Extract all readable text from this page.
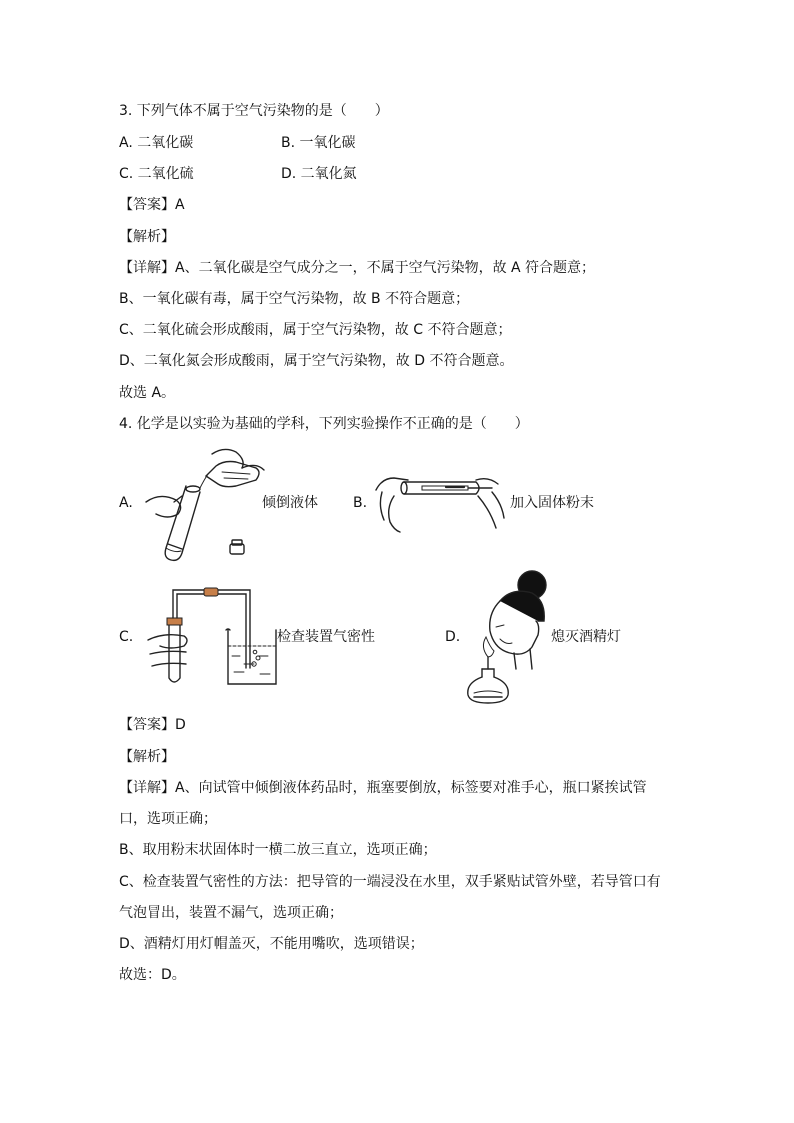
3. 下列气体不属于空气污染物的是（　　）
A. 二氧化碳	B. 一氧化碳
C. 二氧化硫	D. 二氧化氮
【答案】A
【解析】
【详解】A、二氧化碳是空气成分之一，不属于空气污染物，故 A 符合题意；
B、一氧化碳有毒，属于空气污染物，故 B 不符合题意；
C、二氧化硫会形成酸雨，属于空气污染物，故 C 不符合题意；
D、二氧化氮会形成酸雨，属于空气污染物，故 D 不符合题意。
故选 A。
4. 化学是以实验为基础的学科，下列实验操作不正确的是（　　）
A.	倾倒液体	B.	加入固体粉末
C.	检查装置气密性	D.	熄灭酒精灯
【答案】D
【解析】
【详解】A、向试管中倾倒液体药品时，瓶塞要倒放，标签要对准手心，瓶口紧挨试管
口，选项正确；
B、取用粉末状固体时一横二放三直立，选项正确；
C、检查装置气密性的方法：把导管的一端浸没在水里，双手紧贴试管外壁，若导管口有
气泡冒出，装置不漏气，选项正确；
D、酒精灯用灯帽盖灭，不能用嘴吹，选项错误；
故选：D。
